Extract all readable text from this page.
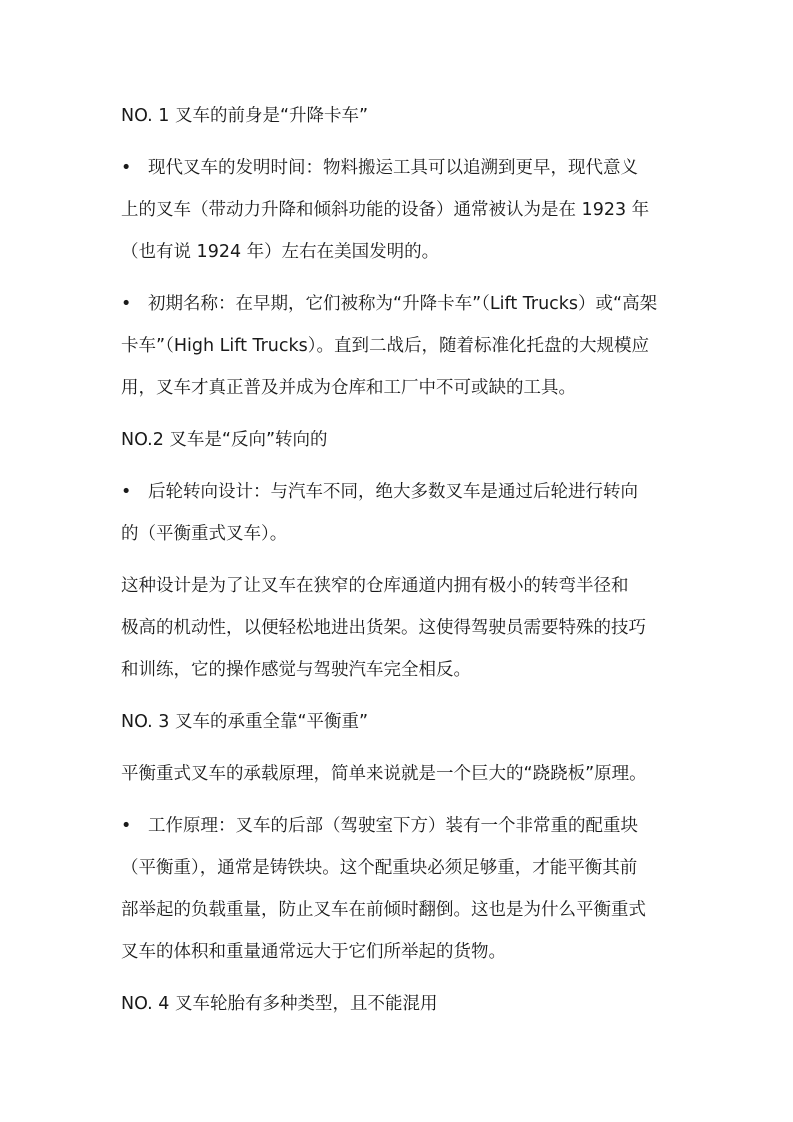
NO. 1 叉车的前身是“升降卡车”
• 现代叉车的发明时间：物料搬运工具可以追溯到更早，现代意义
上的叉车（带动力升降和倾斜功能的设备）通常被认为是在 1923 年
（也有说 1924 年）左右在美国发明的。
• 初期名称：在早期，它们被称为“升降卡车”（Lift Trucks）或“高架
卡车”（High Lift Trucks）。直到二战后，随着标准化托盘的大规模应
用，叉车才真正普及并成为仓库和工厂中不可或缺的工具。
NO.2 叉车是“反向”转向的
• 后轮转向设计：与汽车不同，绝大多数叉车是通过后轮进行转向
的（平衡重式叉车）。
这种设计是为了让叉车在狭窄的仓库通道内拥有极小的转弯半径和
极高的机动性，以便轻松地进出货架。这使得驾驶员需要特殊的技巧
和训练，它的操作感觉与驾驶汽车完全相反。
NO. 3 叉车的承重全靠“平衡重”
平衡重式叉车的承载原理，简单来说就是一个巨大的“跷跷板”原理。
• 工作原理：叉车的后部（驾驶室下方）装有一个非常重的配重块
（平衡重），通常是铸铁块。这个配重块必须足够重，才能平衡其前
部举起的负载重量，防止叉车在前倾时翻倒。这也是为什么平衡重式
叉车的体积和重量通常远大于它们所举起的货物。
NO. 4 叉车轮胎有多种类型，且不能混用
